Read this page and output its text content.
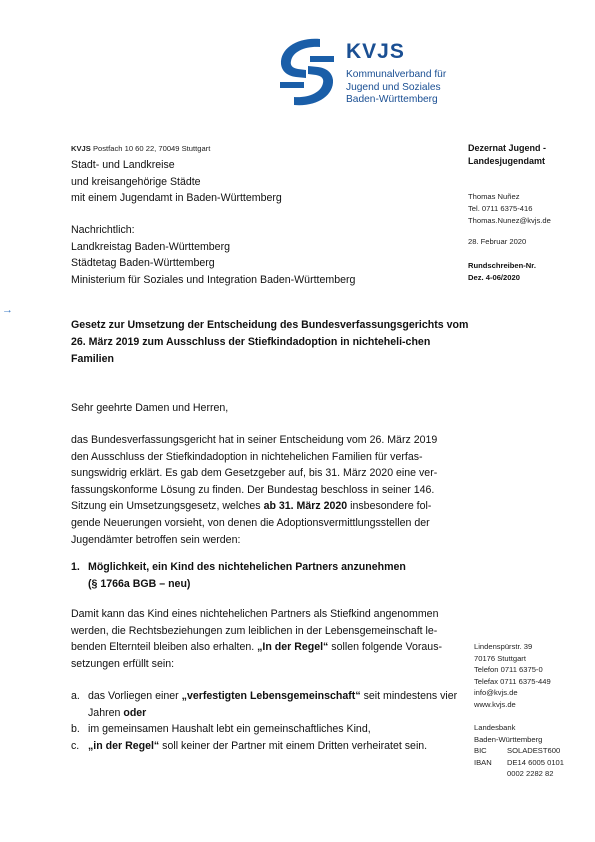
KVJS
Kommunalverband für
Jugend und Soziales
Baden-Württemberg
KVJS Postfach 10 60 22, 70049 Stuttgart
Stadt- und Landkreise
und kreisangehörige Städte
mit einem Jugendamt in Baden-Württemberg
Nachrichtlich:
Landkreistag Baden-Württemberg
Städtetag Baden-Württemberg
Ministerium für Soziales und Integration Baden-Württemberg
Dezernat Jugend -
Landesjugendamt
Thomas Nuñez
Tel. 0711 6375-416
Thomas.Nunez@kvjs.de
28. Februar 2020
Rundschreiben-Nr.
Dez. 4-06/2020
→
Gesetz zur Umsetzung der Entscheidung des Bundesverfassungsgerichts vom 26. März 2019 zum Ausschluss der Stiefkindadoption in nichteheli-chen Familien
Sehr geehrte Damen und Herren,
das Bundesverfassungsgericht hat in seiner Entscheidung vom 26. März 2019 den Ausschluss der Stiefkindadoption in nichtehelichen Familien für verfas-sungswidrig erklärt. Es gab dem Gesetzgeber auf, bis 31. März 2020 eine ver-fassungskonforme Lösung zu finden. Der Bundestag beschloss in seiner 146. Sitzung ein Umsetzungsgesetz, welches ab 31. März 2020 insbesondere fol-gende Neuerungen vorsieht, von denen die Adoptionsvermittlungsstellen der Jugendämter betroffen sein werden:
1. Möglichkeit, ein Kind des nichtehelichen Partners anzunehmen
(§ 1766a BGB – neu)
Damit kann das Kind eines nichtehelichen Partners als Stiefkind angenommen werden, die Rechtsbeziehungen zum leiblichen in der Lebensgemeinschaft le-benden Elternteil bleiben also erhalten. „In der Regel“ sollen folgende Voraus-setzungen erfüllt sein:
a. das Vorliegen einer „verfestigten Lebensgemeinschaft“ seit mindestens vier Jahren oder
b. im gemeinsamen Haushalt lebt ein gemeinschaftliches Kind,
c. „in der Regel“ soll keiner der Partner mit einem Dritten verheiratet sein.
Lindenspürstr. 39
70176 Stuttgart
Telefon 0711 6375-0
Telefax 0711 6375-449
info@kvjs.de
www.kvjs.de
Landesbank
Baden-Württemberg
BIC	SOLADEST600
IBAN	DE14 6005 0101
0002 2282 82
